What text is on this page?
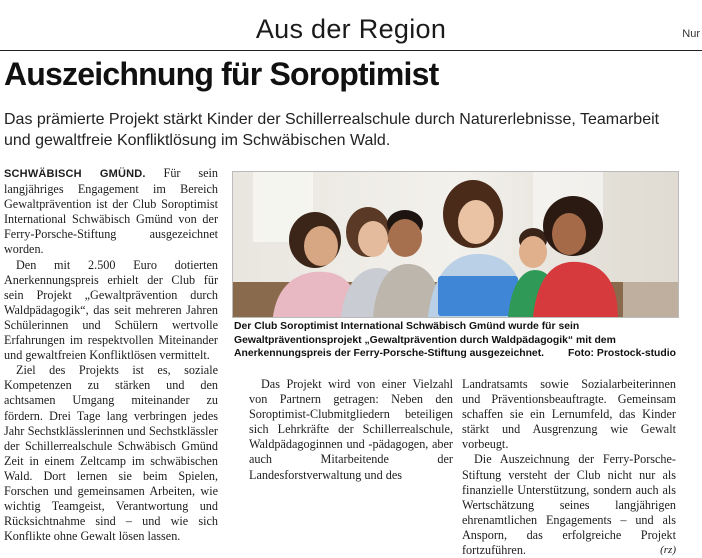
Aus der Region	Nur
Auszeichnung für Soroptimist
Das prämierte Projekt stärkt Kinder der Schillerrealschule durch Naturerlebnisse, Teamarbeit und gewaltfreie Konfliktlösung im Schwäbischen Wald.

SCHWÄBISCH GMÜND. Für sein langjähriges Engagement im Bereich Gewaltprävention ist der Club Soroptimist International Schwäbisch Gmünd von der Ferry-Porsche-Stiftung ausgezeichnet worden.

Den mit 2.500 Euro dotierten Anerkennungspreis erhielt der Club für sein Projekt „Gewaltprävention durch Waldpädagogik“, das seit mehreren Jahren Schülerinnen und Schülern wertvolle Erfahrungen im respektvollen Miteinander und gewaltfreien Konfliktlösen vermittelt.

Ziel des Projekts ist es, soziale Kompetenzen zu stärken und den achtsamen Umgang miteinander zu fördern. Drei Tage lang verbringen jedes Jahr Sechstklässlerinnen und Sechstklässler der Schillerrealschule Schwäbisch Gmünd Zeit in einem Zeltcamp im schwäbischen Wald. Dort lernen sie beim Spielen, Forschen und gemeinsamen Arbeiten, wie wichtig Teamgeist, Verantwortung und Rücksichtnahme sind – und wie sich Konflikte ohne Gewalt lösen lassen.

Der Club Soroptimist International Schwäbisch Gmünd wurde für sein Gewaltpräventionsprojekt „Gewaltprävention durch Waldpädagogik“ mit dem Anerkennungspreis der Ferry-Porsche-Stiftung ausgezeichnet. Foto: Prostock-studio

Das Projekt wird von einer Vielzahl von Partnern getragen: Neben den Soroptimist-Clubmitgliedern beteiligen sich Lehrkräfte der Schillerrealschule, Waldpädagoginnen und -pädagogen, aber auch Mitarbeitende der Landesforstverwaltung und des

Landratsamts sowie Sozialarbeiterinnen und Präventionsbeauftragte. Gemeinsam schaffen sie ein Lernumfeld, das Kinder stärkt und Ausgrenzung wie Gewalt vorbeugt.

Die Auszeichnung der Ferry-Porsche-Stiftung versteht der Club nicht nur als finanzielle Unterstützung, sondern auch als Wertschätzung seines langjährigen ehrenamtlichen Engagements – und als Ansporn, das erfolgreiche Projekt fortzuführen.	(rz)
